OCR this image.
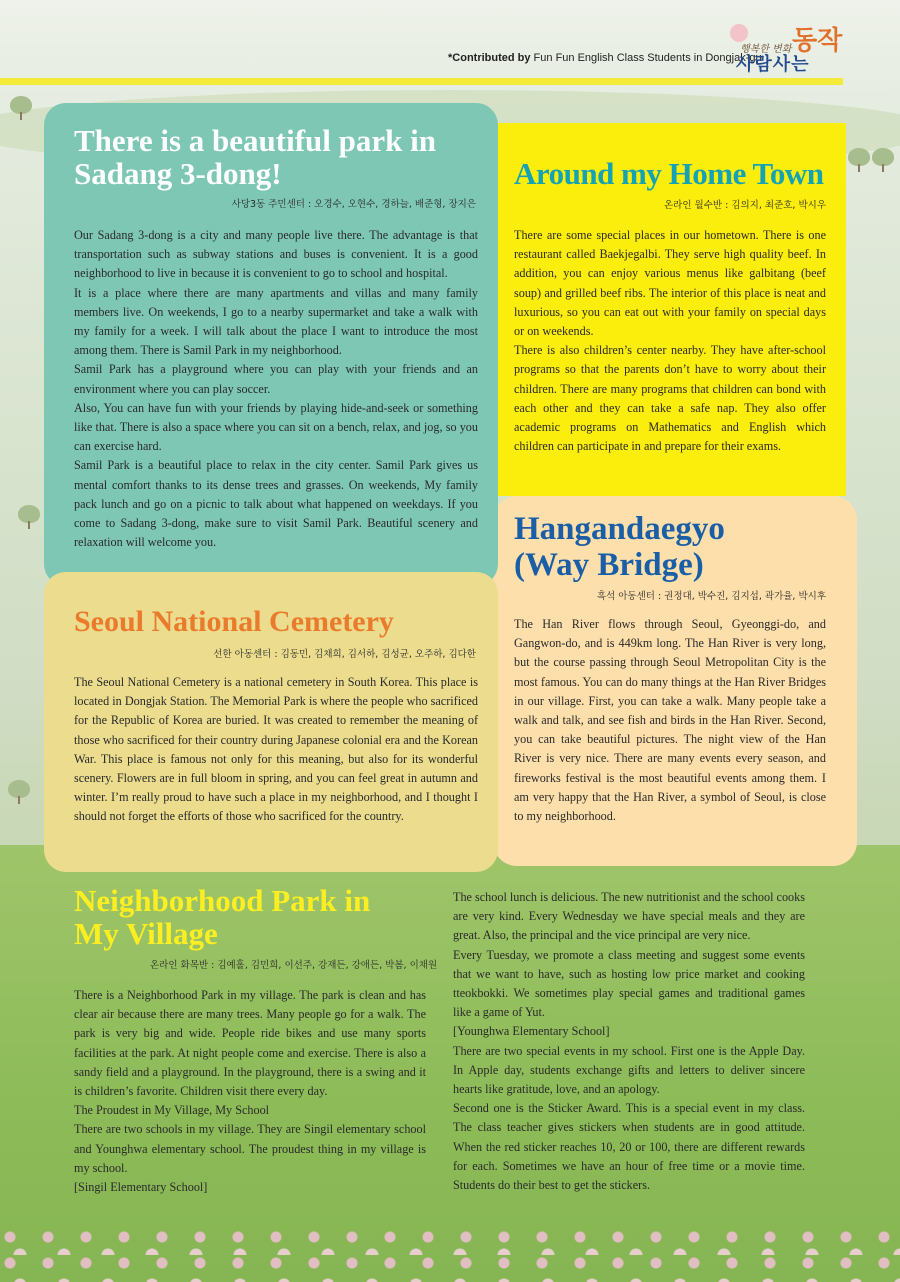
*Contributed by Fun Fun English Class Students in Dongjak-gu
행복한 변화
사람사는
동작
There is a beautiful park in
Sadang 3-dong!
사당3동 주민센터 : 오경수, 오현수, 경하늘, 배준형, 장지은

Our Sadang 3-dong is a city and many people live there. The advantage is that transportation such as subway stations and buses is convenient. It is a good neighborhood to live in because it is convenient to go to school and hospital.

It is a place where there are many apartments and villas and many family members live. On weekends, I go to a nearby supermarket and take a walk with my family for a week. I will talk about the place I want to introduce the most among them. There is Samil Park in my neighborhood.

Samil Park has a playground where you can play with your friends and an environment where you can play soccer.

Also, You can have fun with your friends by playing hide-and-seek or something like that. There is also a space where you can sit on a bench, relax, and jog, so you can exercise hard.

Samil Park is a beautiful place to relax in the city center. Samil Park gives us mental comfort thanks to its dense trees and grasses. On weekends, My family pack lunch and go on a picnic to talk about what happened on weekdays. If you come to Sadang 3-dong, make sure to visit Samil Park. Beautiful scenery and relaxation will welcome you.

Around my Home Town
온라인 월수반 : 김의지, 최준호, 박시우

There are some special places in our hometown. There is one restaurant called Baekjegalbi. They serve high quality beef. In addition, you can enjoy various menus like galbitang (beef soup) and grilled beef ribs. The interior of this place is neat and luxurious, so you can eat out with your family on special days or on weekends.

There is also children’s center nearby. They have after-school programs so that the parents don’t have to worry about their children. There are many programs that children can bond with each other and they can take a safe nap. They also offer academic programs on Mathematics and English which children can participate in and prepare for their exams.

Hangandaegyo
(Way Bridge)
흑석 아동센터 : 권정대, 박수진, 김지섭, 곽가율, 박시후

The Han River flows through Seoul, Gyeonggi-do, and Gangwon-do, and is 449km long. The Han River is very long, but the course passing through Seoul Metropolitan City is the most famous. You can do many things at the Han River Bridges in our village. First, you can take a walk. Many people take a walk and talk, and see fish and birds in the Han River. Second, you can take beautiful pictures. The night view of the Han River is very nice. There are many events every season, and fireworks festival is the most beautiful events among them. I am very happy that the Han River, a symbol of Seoul, is close to my neighborhood.

Seoul National Cemetery
선한 아동센터 : 김동민, 김채희, 김서하, 김성균, 오주하, 김다한

The Seoul National Cemetery is a national cemetery in South Korea. This place is located in Dongjak Station. The Memorial Park is where the people who sacrificed for the Republic of Korea are buried. It was created to remember the meaning of those who sacrificed for their country during Japanese colonial era and the Korean War. This place is famous not only for this meaning, but also for its wonderful scenery. Flowers are in full bloom in spring, and you can feel great in autumn and winter. I’m really proud to have such a place in my neighborhood, and I thought I should not forget the efforts of those who sacrificed for the country.

Neighborhood Park in
My Village
온라인 화목반 : 김예홀, 김민희, 이선주, 강재든, 강애든, 박봄, 이채원

There is a Neighborhood Park in my village. The park is clean and has clear air because there are many trees. Many people go for a walk. The park is very big and wide. People ride bikes and use many sports facilities at the park. At night people come and exercise. There is also a sandy field and a playground. In the playground, there is a swing and it is children’s favorite. Children visit there every day.

The Proudest in My Village, My School

There are two schools in my village. They are Singil elementary school and Younghwa elementary school. The proudest thing in my village is my school.

[Singil Elementary School]

The school lunch is delicious. The new nutritionist and the school cooks are very kind. Every Wednesday we have special meals and they are great. Also, the principal and the vice principal are very nice.

Every Tuesday, we promote a class meeting and suggest some events that we want to have, such as hosting low price market and cooking tteokbokki. We sometimes play special games and traditional games like a game of Yut.

[Younghwa Elementary School]

There are two special events in my school. First one is the Apple Day. In Apple day, students exchange gifts and letters to deliver sincere hearts like gratitude, love, and an apology.

Second one is the Sticker Award. This is a special event in my class. The class teacher gives stickers when students are in good attitude. When the red sticker reaches 10, 20 or 100, there are different rewards for each. Sometimes we have an hour of free time or a movie time. Students do their best to get the stickers.
